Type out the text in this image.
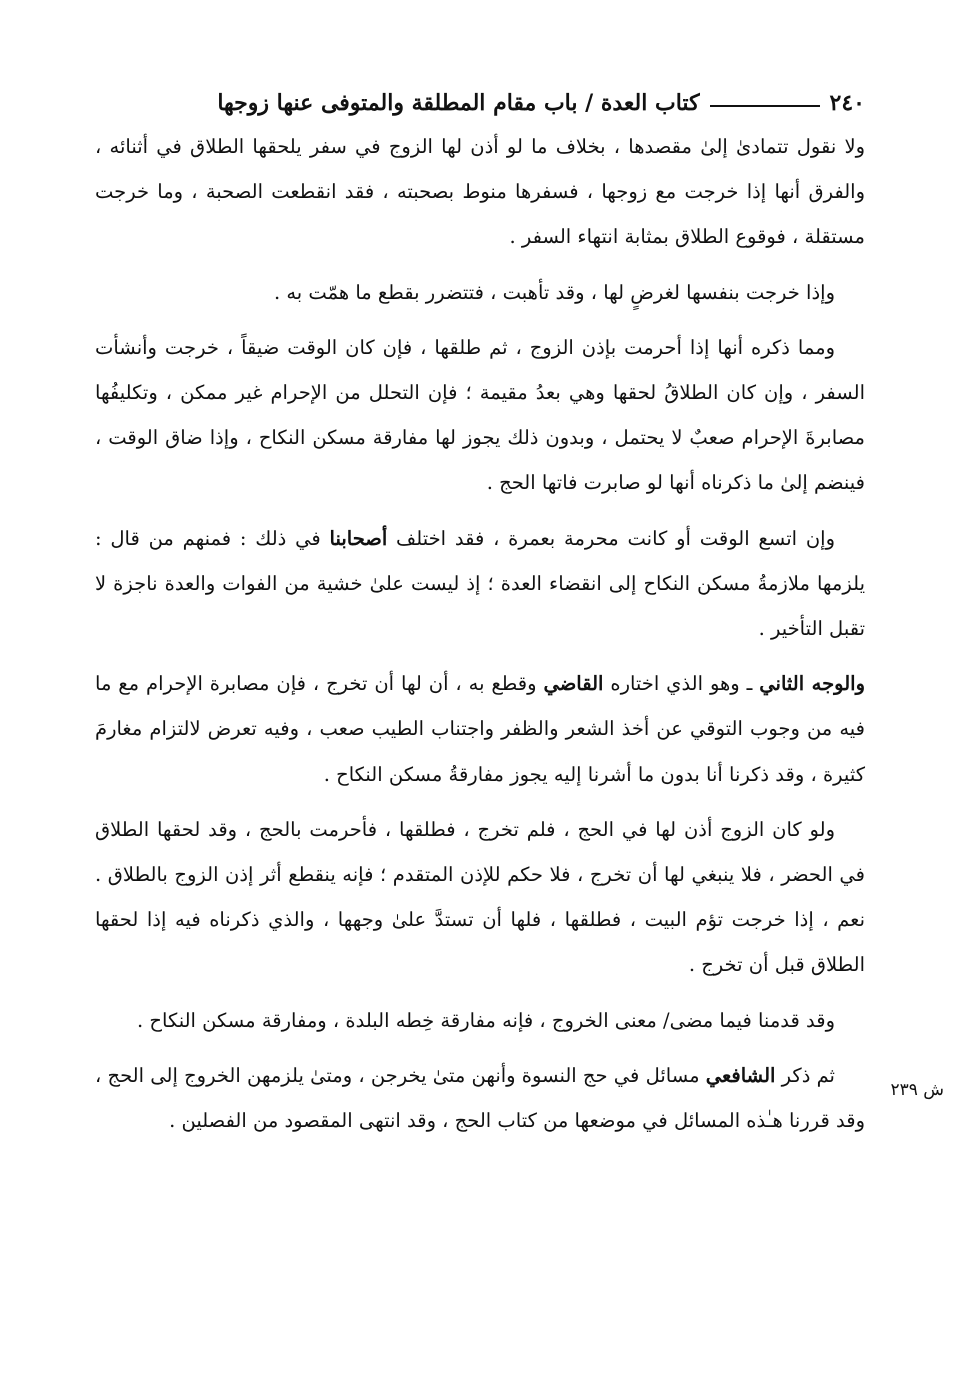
٢٤٠
كتاب العدة / باب مقام المطلقة والمتوفى عنها زوجها

ولا نقول تتمادىٰ إلىٰ مقصدها ، بخلاف ما لو أذن لها الزوج في سفر يلحقها الطلاق في أثنائه ، والفرق أنها إذا خرجت مع زوجها ، فسفرها منوط بصحبته ، فقد انقطعت الصحبة ، وما خرجت مستقلة ، فوقوع الطلاق بمثابة انتهاء السفر .

وإذا خرجت بنفسها لغرضٍ لها ، وقد تأهبت ، فتتضرر بقطع ما همّت به .

ومما ذكره أنها إذا أحرمت بإذن الزوج ، ثم طلقها ، فإن كان الوقت ضيقاً ، خرجت وأنشأت السفر ، وإن كان الطلاقُ لحقها وهي بعدُ مقيمة ؛ فإن التحلل من الإحرام غير ممكن ، وتكليفُها مصابرةَ الإحرام صعبٌ لا يحتمل ، وبدون ذلك يجوز لها مفارقة مسكن النكاح ، وإذا ضاق الوقت ، فينضم إلىٰ ما ذكرناه أنها لو صابرت فاتها الحج .

وإن اتسع الوقت أو كانت محرمة بعمرة ، فقد اختلف أصحابنا في ذلك : فمنهم من قال : يلزمها ملازمةُ مسكن النكاح إلى انقضاء العدة ؛ إذ ليست علىٰ خشية من الفوات والعدة ناجزة لا تقبل التأخير .

والوجه الثاني ـ وهو الذي اختاره القاضي وقطع به ، أن لها أن تخرج ، فإن مصابرة الإحرام مع ما فيه من وجوب التوقي عن أخذ الشعر والظفر واجتناب الطيب صعب ، وفيه تعرض لالتزام مغارمَ كثيرة ، وقد ذكرنا أنا بدون ما أشرنا إليه يجوز مفارقةُ مسكن النكاح .

ولو كان الزوج أذن لها في الحج ، فلم تخرج ، فطلقها ، فأحرمت بالحج ، وقد لحقها الطلاق في الحضر ، فلا ينبغي لها أن تخرج ، فلا حكم للإذن المتقدم ؛ فإنه ينقطع أثر إذن الزوج بالطلاق . نعم ، إذا خرجت تؤم البيت ، فطلقها ، فلها أن تستدَّ علىٰ وجهها ، والذي ذكرناه فيه إذا لحقها الطلاق قبل أن تخرج .

وقد قدمنا فيما مضى/ معنى الخروج ، فإنه مفارقة خِطه البلدة ، ومفارقة مسكن النكاح .

ثم ذكر الشافعي مسائل في حج النسوة وأنهن متىٰ يخرجن ، ومتىٰ يلزمهن الخروج إلى الحج ، وقد قررنا هـٰذه المسائل في موضعها من كتاب الحج ، وقد انتهى المقصود من الفصلين .

ش ٢٣٩
